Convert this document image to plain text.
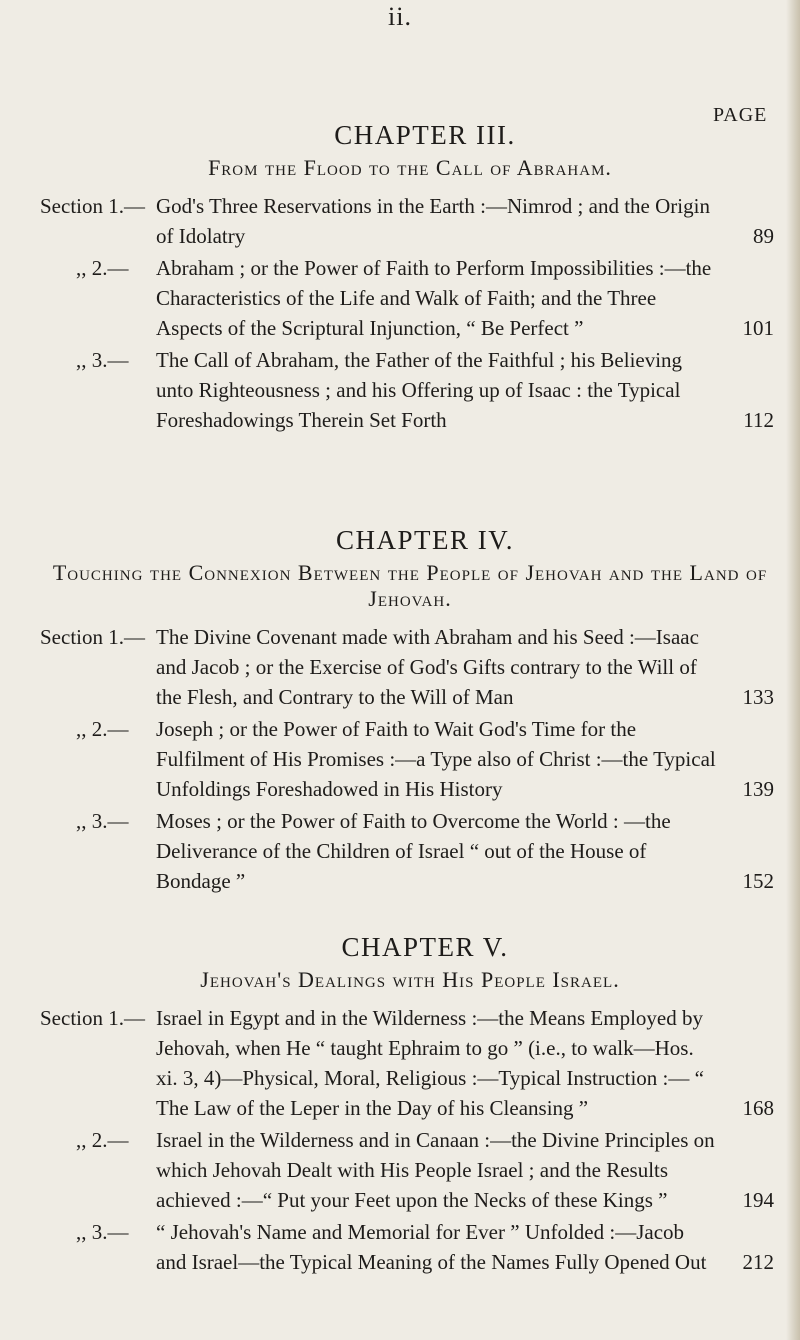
ii.
PAGE
CHAPTER III.
From the Flood to the Call of Abraham.
Section 1.— God's Three Reservations in the Earth :—Nimrod ; and the Origin of Idolatry	89
,, 2.—	Abraham ; or the Power of Faith to Perform Impossibilities :—the Characteristics of the Life and Walk of Faith; and the Three Aspects of the Scriptural Injunction, “ Be Perfect ”	101
,, 3.—	The Call of Abraham, the Father of the Faithful ; his Believing unto Righteousness ; and his Offering up of Isaac : the Typical Foreshadowings Therein Set Forth	112
CHAPTER IV.
Touching the Connexion Between the People of Jehovah and the Land of Jehovah.
Section 1.— The Divine Covenant made with Abraham and his Seed :—Isaac and Jacob ; or the Exercise of God's Gifts contrary to the Will of the Flesh, and Contrary to the Will of Man	133
,, 2.—	Joseph ; or the Power of Faith to Wait God's Time for the Fulfilment of His Promises :—a Type also of Christ :—the Typical Unfoldings Foreshadowed in His History	139
,, 3.—	Moses ; or the Power of Faith to Overcome the World : —the Deliverance of the Children of Israel “ out of the House of Bondage ”	152
CHAPTER V.
Jehovah's Dealings with His People Israel.
Section 1.— Israel in Egypt and in the Wilderness :—the Means Employed by Jehovah, when He “ taught Ephraim to go ” (i.e., to walk—Hos. xi. 3, 4)—Physical, Moral, Religious :—Typical Instruction :— “ The Law of the Leper in the Day of his Cleansing ”	168
,, 2.—	Israel in the Wilderness and in Canaan :—the Divine Principles on which Jehovah Dealt with His People Israel ; and the Results achieved :—“ Put your Feet upon the Necks of these Kings ”	194
,, 3.—	“ Jehovah's Name and Memorial for Ever ” Unfolded :—Jacob and Israel—the Typical Meaning of the Names Fully Opened Out	212
